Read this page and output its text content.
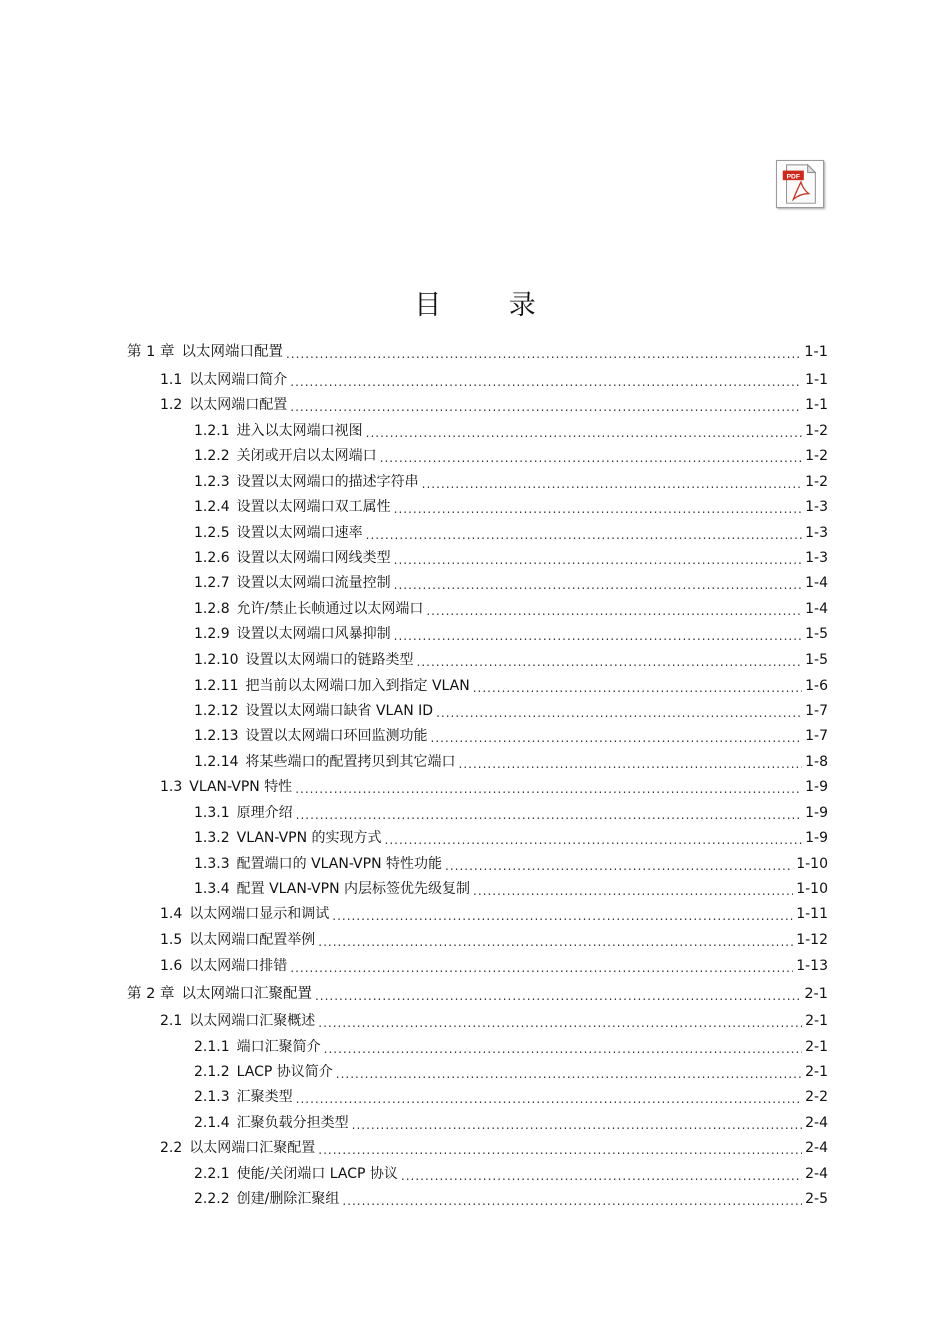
PDF
目　录
第 1 章 以太网端口配置 .....	1-1
1.1 以太网端口简介 .....	1-1
1.2 以太网端口配置 .....	1-1
1.2.1 进入以太网端口视图 .....	1-2
1.2.2 关闭或开启以太网端口 .....	1-2
1.2.3 设置以太网端口的描述字符串 .....	1-2
1.2.4 设置以太网端口双工属性 .....	1-3
1.2.5 设置以太网端口速率 .....	1-3
1.2.6 设置以太网端口网线类型 .....	1-3
1.2.7 设置以太网端口流量控制 .....	1-4
1.2.8 允许/禁止长帧通过以太网端口 .....	1-4
1.2.9 设置以太网端口风暴抑制 .....	1-5
1.2.10 设置以太网端口的链路类型 .....	1-5
1.2.11 把当前以太网端口加入到指定 VLAN .....	1-6
1.2.12 设置以太网端口缺省 VLAN ID .....	1-7
1.2.13 设置以太网端口环回监测功能 .....	1-7
1.2.14 将某些端口的配置拷贝到其它端口 .....	1-8
1.3 VLAN-VPN 特性 .....	1-9
1.3.1 原理介绍 .....	1-9
1.3.2 VLAN-VPN 的实现方式 .....	1-9
1.3.3 配置端口的 VLAN-VPN 特性功能 .....	1-10
1.3.4 配置 VLAN-VPN 内层标签优先级复制 .....	1-10
1.4 以太网端口显示和调试 .....	1-11
1.5 以太网端口配置举例 .....	1-12
1.6 以太网端口排错 .....	1-13
第 2 章 以太网端口汇聚配置 .....	2-1
2.1 以太网端口汇聚概述 .....	2-1
2.1.1 端口汇聚简介 .....	2-1
2.1.2 LACP 协议简介 .....	2-1
2.1.3 汇聚类型 .....	2-2
2.1.4 汇聚负载分担类型 .....	2-4
2.2 以太网端口汇聚配置 .....	2-4
2.2.1 使能/关闭端口 LACP 协议 .....	2-4
2.2.2 创建/删除汇聚组 .....	2-5
